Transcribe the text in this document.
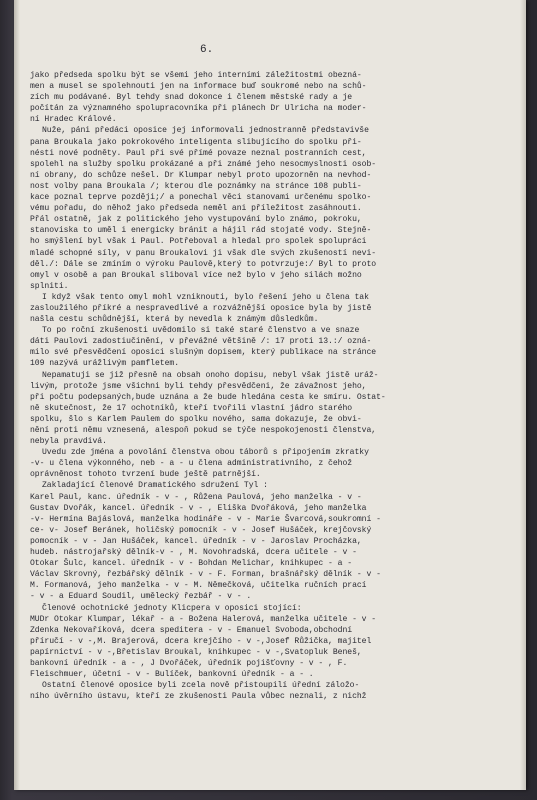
6.
jako předseda spolku být se všemi jeho interními záležitostmi obezná-
men a musel se spolehnouti jen na informace buď soukromé nebo na schů-
zích mu podávané. Byl tehdy snad dokonce i členem městské rady a je
počítán za významného spolupracovníka při plánech Dr Ulricha na moder-
ní Hradec Králové.
Nuže, páni předáci oposice jej informovali jednostranně představivše
pana Broukala jako pokrokového inteligenta slibujícího do spolku při-
nésti nové podněty. Paul při své přímé povaze neznal postranních cest,
spolehl na služby spolku prokázané a při známé jeho nesocmyslnosti osob-
ní obrany, do schůze nešel. Dr Klumpar nebyl proto upozorněn na nevhod-
nost volby pana Broukala /; kterou dle poznámky na stránce 108 publi-
kace poznal teprve později;/ a ponechal věci stanovami určenému spolko-
vému pořadu, do něhož jako předseda neměl ani příležitost zasáhnouti.
Přál ostatně, jak z politického jeho vystupování bylo známo, pokroku,
stanoviska to uměl i energicky bránit a hájil rád stojaté vody. Stejně-
ho smýšlení byl však i Paul. Potřeboval a hledal pro spolek spolupráci
mladé schopné síly, v panu Broukalovi ji však dle svých zkušeností nevi-
děl./: Dále se zmíním o výroku Paulově,který to potvrzuje:/ Byl to proto
omyl v osobě a pan Broukal sliboval více než bylo v jeho silách možno
splniti.
I když však tento omyl mohl vzniknouti, bylo řešení jeho u člena tak
zasloužilého příkré a nespravedlivé a rozvážnější oposice byla by jistě
našla cestu schůdnější, která by nevedla k známým důsledkům.
To po roční zkušenosti uvědomilo si také staré členstvo a ve snaze
dáti Paulovi zadostiučinění, v převážné většině /: 17 proti 13.:/ ozná-
milo své přesvědčení oposici slušným dopisem, který publikace na stránce
109 nazývá urážlivým pamfletem.
Nepamatuji se již přesně na obsah onoho dopisu, nebyl však jistě uráž-
livým, protože jsme všichni byli tehdy přesvědčeni, že závažnost jeho,
při počtu podepsaných,bude uznána a že bude hledána cesta ke smíru. Ostat-
ně skutečnost, že 17 ochotníků, kteří tvořili vlastní jádro starého
spolku, šlo s Karlem Paulem do spolku nového, sama dokazuje, že obvi-
nění proti němu vznesená, alespoň pokud se týče nespokojenosti členstva,
nebyla pravdivá.
Uvedu zde jména a povolání členstva obou táborů s připojením zkratky
-v- u člena výkonného, neb - a - u člena administrativního, z čehož
oprávněnost tohoto tvrzení bude ještě patrnější.
Zakladající členové Dramatického sdružení Tyl :
Karel Paul, kanc. úředník - v - , Růžena Paulová, jeho manželka - v -
Gustav Dvořák, kancel. úředník - v - , Eliška Dvořáková, jeho manželka
-v- Hermína Bajáslová, manželka hodináře - v - Marie Švarcová,soukromní -
ce- v- Josef Beránek, holičský pomocník - v - Josef Hušáček, krejčovský
pomocník - v - Jan Hušáček, kancel. úředník - v - Jaroslav Procházka,
hudeb. nástrojařský dělník-v - , M. Novohradská, dcera učitele - v -
Otokar Šulc, kancel. úředník - v - Bohdan Melichar, knihkupec - a -
Václav Skrovný, řezbářský dělník - v - F. Forman, brašnářský dělník - v -
M. Formanová, jeho manželka - v - M. Němečková, učitelka ručních prací
- v - a Eduard Soudil, umělecký řezbář - v - .
Členové ochotnické jednoty Klicpera v oposici stojící:
MUDr Otokar Klumpar, lékař - a - Božena Halerová, manželka učitele - v -
Zdenka Nekovaříková, dcera speditera - v - Emanuel Svoboda,obchodní
příručí - v -,M. Brajerová, dcera krejčího - v -,Josef Růžička, majitel
papírnictví - v -,Břetislav Broukal, knihkupec - v -,Svatopluk Beneš,
bankovní úředník - a - , J Dvořáček, úředník pojišťovny - v - , F.
Fleischmuer, účetní - v - Bulíček, bankovní úředník - a - .
Ostatní členové oposice byli zcela nově přistoupilí úřední záložo-
ního úvěrního ústavu, kteří ze zkušenosti Paula vůbec neznali, z nichž
